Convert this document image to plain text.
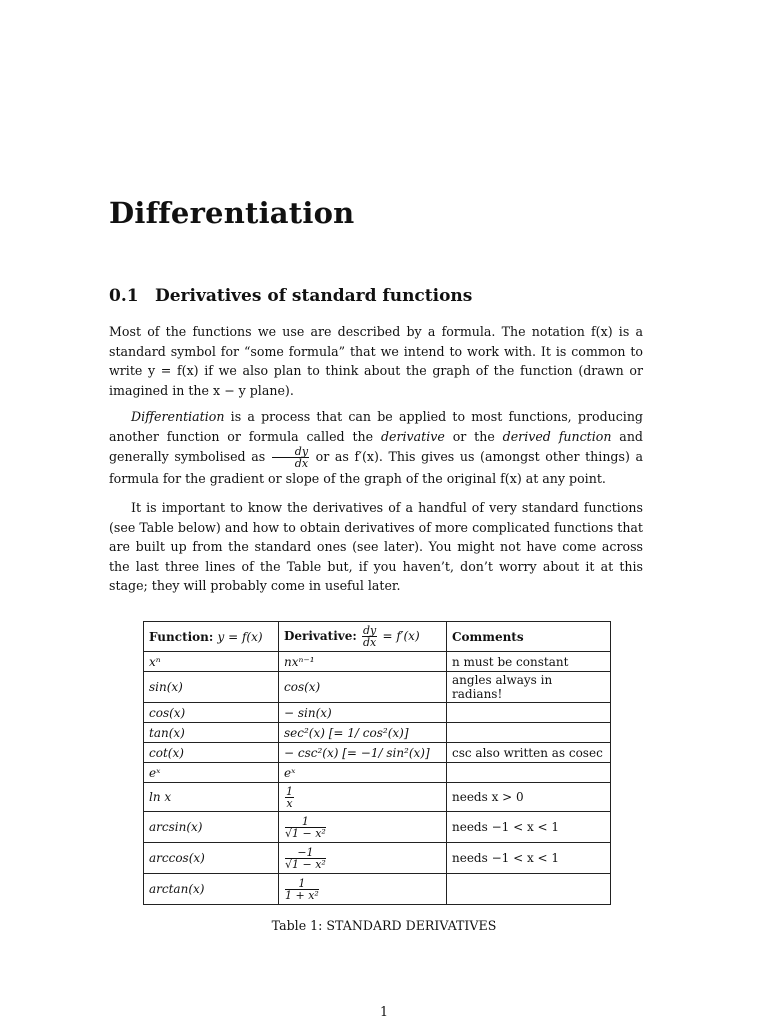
Differentiation
0.1 Derivatives of standard functions

Most of the functions we use are described by a formula. The notation f(x) is a standard symbol for “some formula” that we intend to work with. It is common to write y = f(x) if we also plan to think about the graph of the function (drawn or imagined in the x − y plane).

Differentiation is a process that can be applied to most functions, producing another function or formula called the derivative or the derived function and generally symbolised as $\frac{dy}{dx}$ or as f′(x). This gives us (amongst other things) a formula for the gradient or slope of the graph of the original f(x) at any point.

It is important to know the derivatives of a handful of very standard functions (see Table below) and how to obtain derivatives of more complicated functions that are built up from the standard ones (see later). You might not have come across the last three lines of the Table but, if you haven’t, don’t worry about it at this stage; they will probably come in useful later.

Function: y = f(x)	Derivative: $\frac{dy}{dx} = f'(x)$	Comments
xⁿ	nxⁿ⁻¹	n must be constant
sin(x)	cos(x)	angles always in radians!
cos(x)	− sin(x)	
tan(x)	sec²(x) [= 1/ cos²(x)]	
cot(x)	− csc²(x) [= −1/ sin²(x)]	csc also written as cosec
eˣ	eˣ	
ln x	$\frac{1}{x}$	needs x > 0
arcsin(x)	$\frac{1}{\text{√1 − x²}}$	needs −1 < x < 1
arccos(x)	$\frac{-1}{\text{√1 − x²}}$	needs −1 < x < 1
arctan(x)	$\frac{1}{\text{1 + x²}}$

Table 1: STANDARD DERIVATIVES

1
